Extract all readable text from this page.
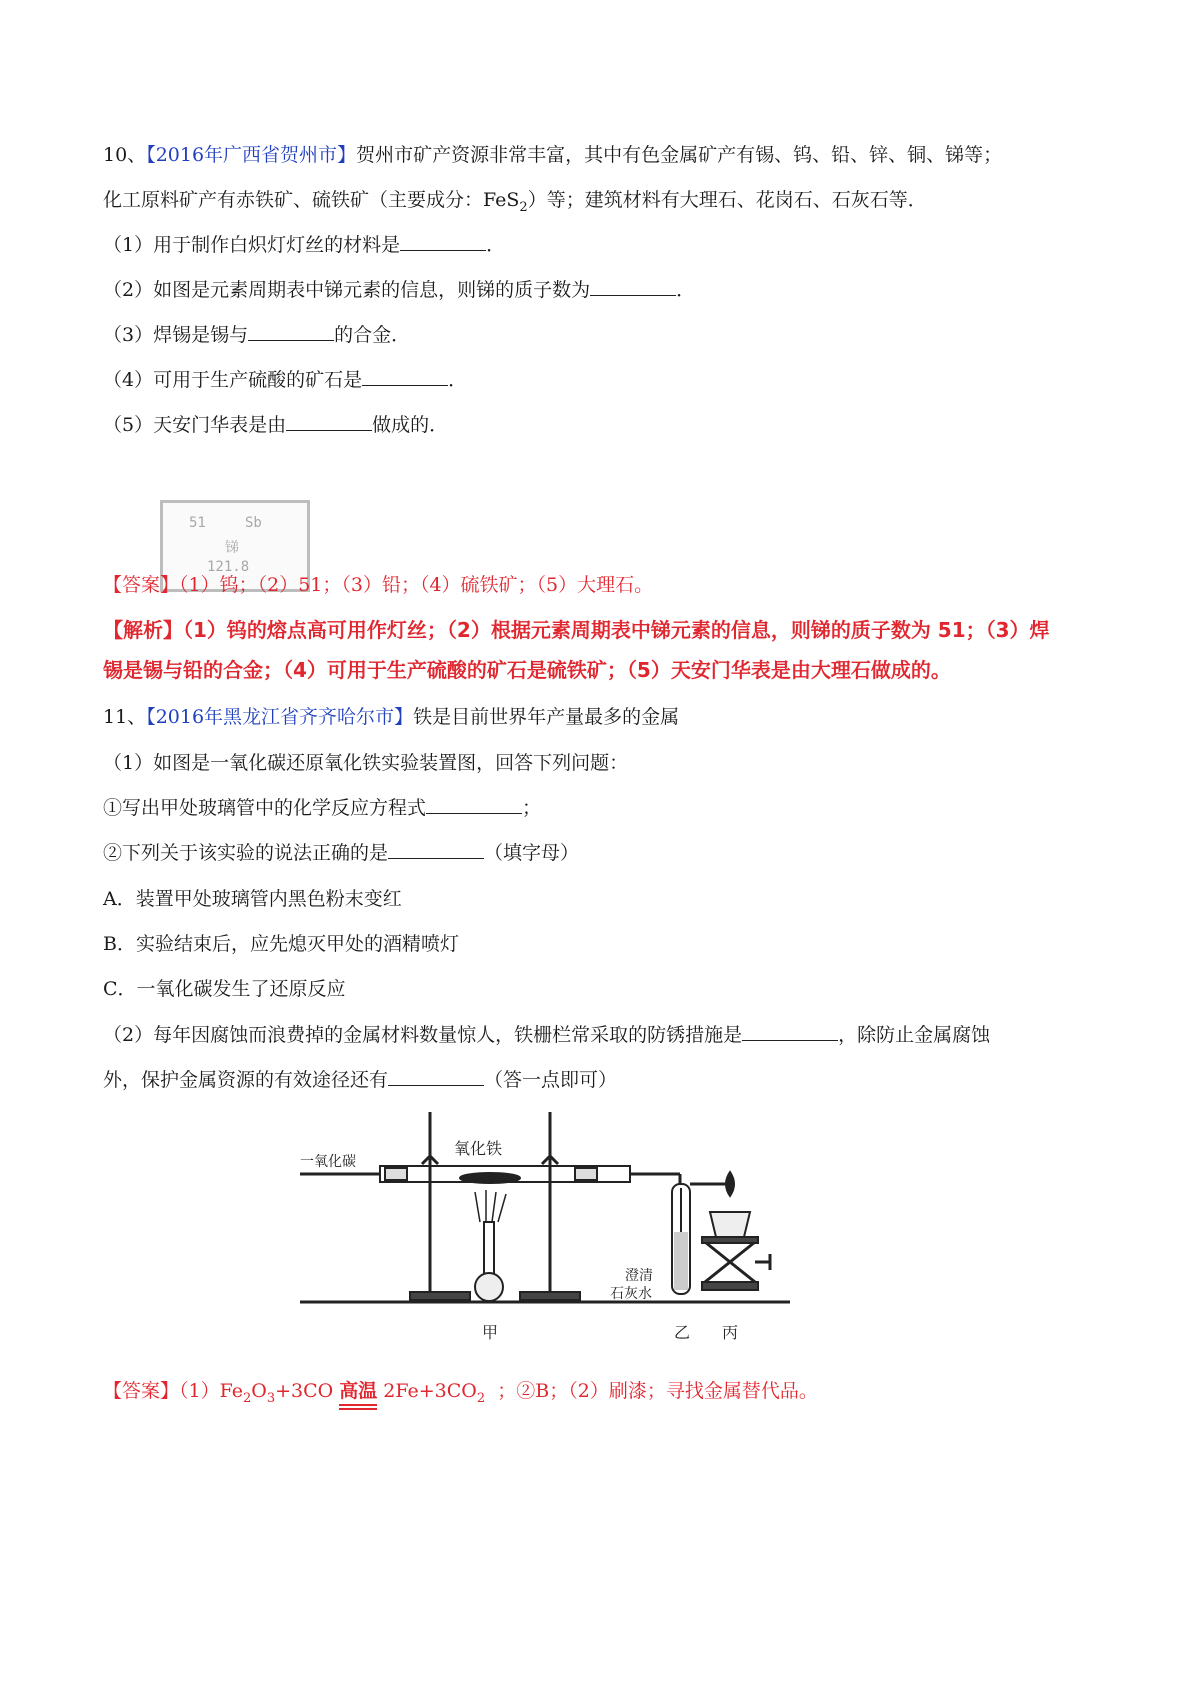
10、【2016年广西省贺州市】贺州市矿产资源非常丰富，其中有色金属矿产有锡、钨、铅、锌、铜、锑等；
化工原料矿产有赤铁矿、硫铁矿（主要成分：FeS$_2$）等；建筑材料有大理石、花岗石、石灰石等．
（1）用于制作白炽灯灯丝的材料是	．
（2）如图是元素周期表中锑元素的信息，则锑的质子数为	．
（3）焊锡是锡与	的合金．
（4）可用于生产硫酸的矿石是	．
（5）天安门华表是由	做成的．
51	Sb
锑
121.8
【答案】（1）钨；（2）51；（3）铅；（4）硫铁矿；（5）大理石。
【解析】（1）钨的熔点高可用作灯丝；（2）根据元素周期表中锑元素的信息，则锑的质子数为 51；（3）焊
锡是锡与铅的合金；（4）可用于生产硫酸的矿石是硫铁矿；（5）天安门华表是由大理石做成的。
11、【2016年黑龙江省齐齐哈尔市】铁是目前世界年产量最多的金属
（1）如图是一氧化碳还原氧化铁实验装置图，回答下列问题：
①写出甲处玻璃管中的化学反应方程式	；
②下列关于该实验的说法正确的是	（填字母）
A．装置甲处玻璃管内黑色粉末变红
B．实验结束后，应先熄灭甲处的酒精喷灯
C．一氧化碳发生了还原反应
（2）每年因腐蚀而浪费掉的金属材料数量惊人，铁栅栏常采取的防锈措施是	，除防止金属腐蚀
外，保护金属资源的有效途径还有	（答一点即可）
一氧化碳
氧化铁
澄清
石灰水
甲	乙 丙
【答案】$(1)Fe_2O_3+3CO$ 高温 $2Fe+3CO_2$ ；②B；（2）刷漆；寻找金属替代品。
